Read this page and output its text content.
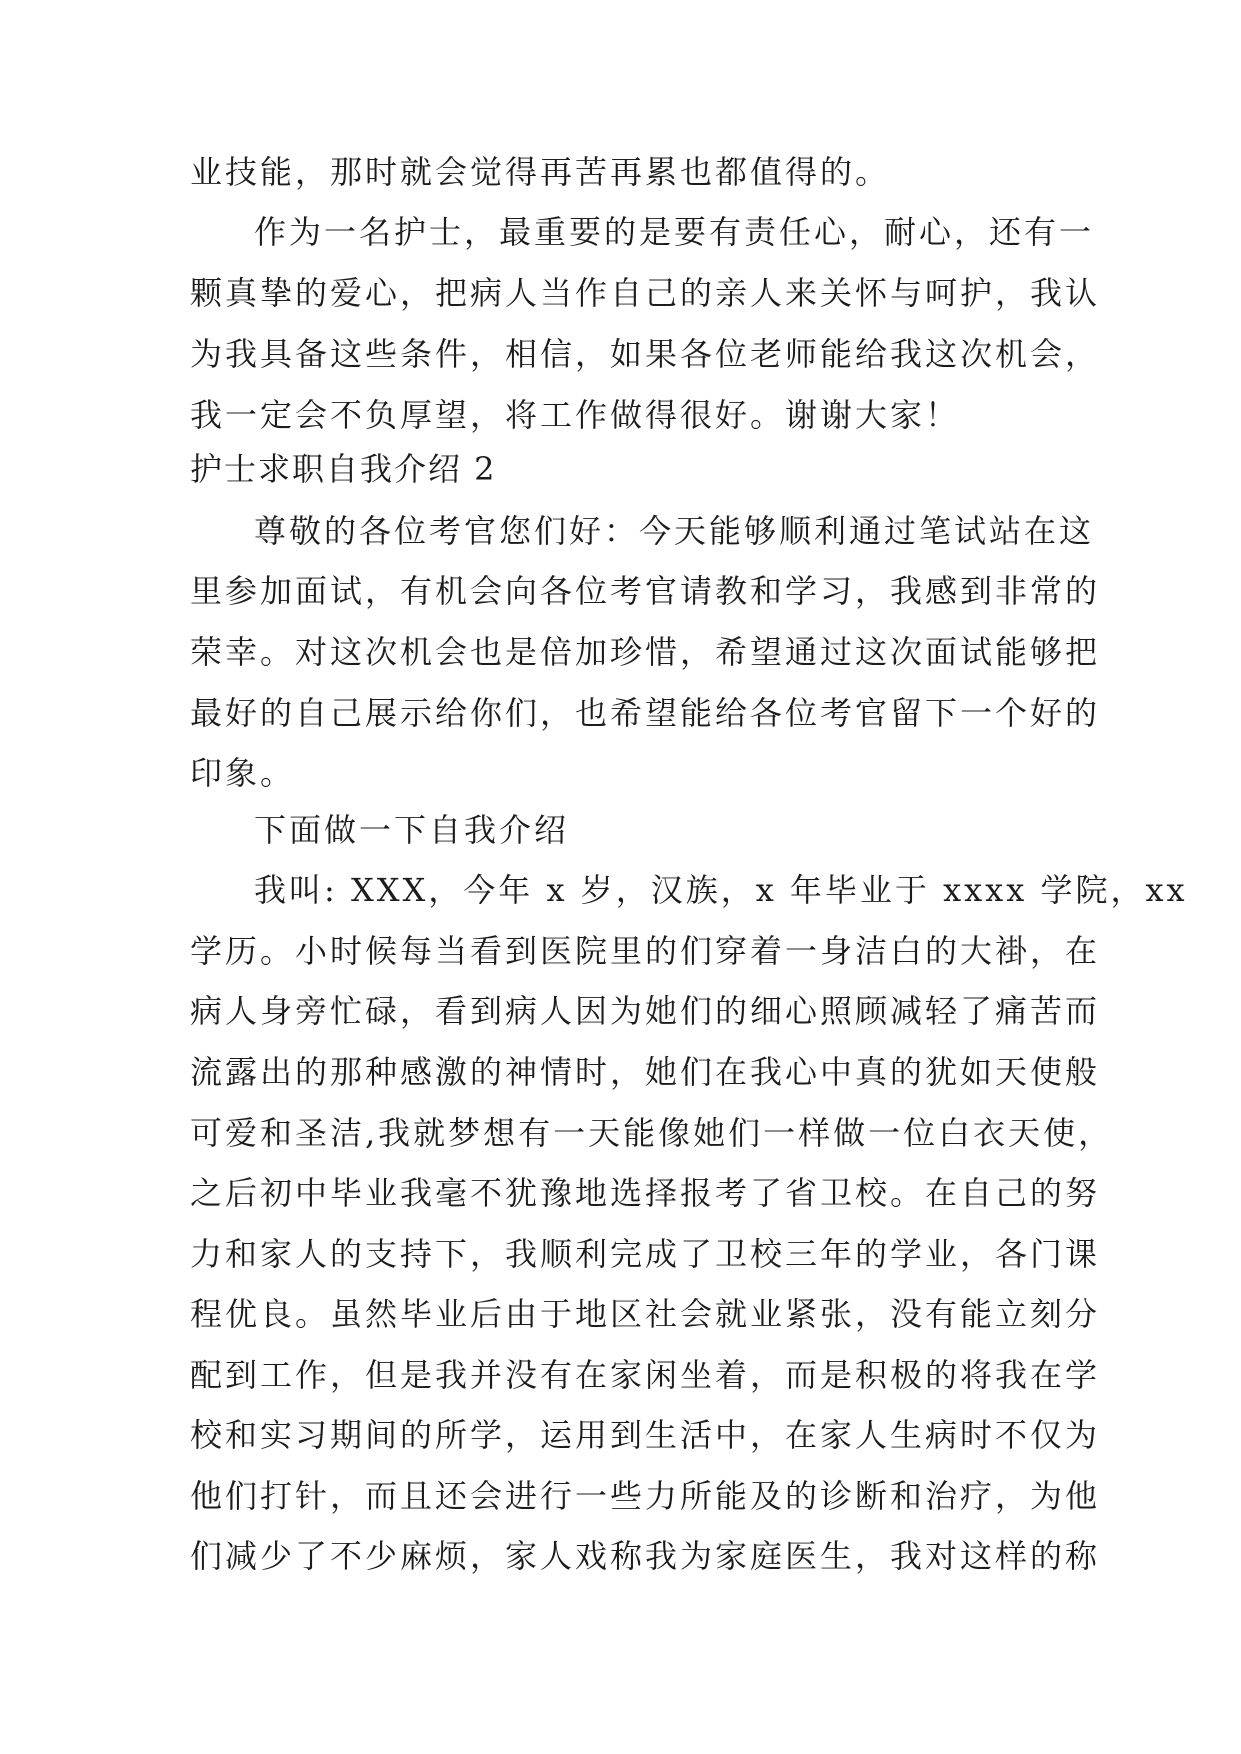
业技能，那时就会觉得再苦再累也都值得的。

作为一名护士，最重要的是要有责任心，耐心，还有一

颗真挚的爱心，把病人当作自己的亲人来关怀与呵护，我认

为我具备这些条件，相信，如果各位老师能给我这次机会，

我一定会不负厚望，将工作做得很好。谢谢大家！

护士求职自我介绍 2

尊敬的各位考官您们好：今天能够顺利通过笔试站在这

里参加面试，有机会向各位考官请教和学习，我感到非常的

荣幸。对这次机会也是倍加珍惜，希望通过这次面试能够把

最好的自己展示给你们，也希望能给各位考官留下一个好的

印象。

下面做一下自我介绍

我叫: XXX，今年 x 岁，汉族，x 年毕业于 xxxx 学院，xx

学历。小时候每当看到医院里的们穿着一身洁白的大褂，在

病人身旁忙碌，看到病人因为她们的细心照顾减轻了痛苦而

流露出的那种感激的神情时，她们在我心中真的犹如天使般

可爱和圣洁,我就梦想有一天能像她们一样做一位白衣天使，

之后初中毕业我毫不犹豫地选择报考了省卫校。在自己的努

力和家人的支持下，我顺利完成了卫校三年的学业，各门课

程优良。虽然毕业后由于地区社会就业紧张，没有能立刻分

配到工作，但是我并没有在家闲坐着，而是积极的将我在学

校和实习期间的所学，运用到生活中，在家人生病时不仅为

他们打针，而且还会进行一些力所能及的诊断和治疗，为他

们减少了不少麻烦，家人戏称我为家庭医生，我对这样的称
